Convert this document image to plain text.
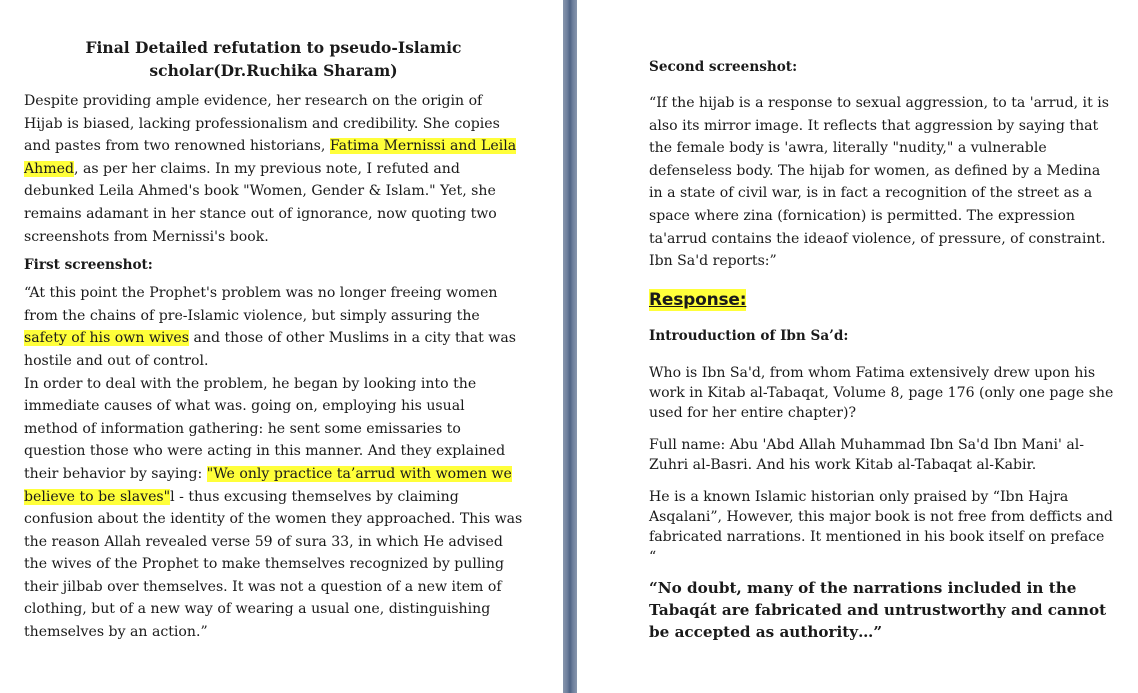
Final Detailed refutation to pseudo-Islamic
scholar(Dr.Ruchika Sharam)

Despite providing ample evidence, her research on the origin of Hijab is biased, lacking professionalism and credibility. She copies and pastes from two renowned historians, Fatima Mernissi and Leila Ahmed, as per her claims. In my previous note, I refuted and debunked Leila Ahmed's book "Women, Gender & Islam." Yet, she remains adamant in her stance out of ignorance, now quoting two screenshots from Mernissi's book.

First screenshot:

“At this point the Prophet's problem was no longer freeing women from the chains of pre-Islamic violence, but simply assuring the safety of his own wives and those of other Muslims in a city that was hostile and out of control.
In order to deal with the problem, he began by looking into the immediate causes of what was. going on, employing his usual method of information gathering: he sent some emissaries to question those who were acting in this manner. And they explained their behavior by saying: "We only practice ta’arrud with women we believe to be slaves"l - thus excusing themselves by claiming confusion about the identity of the women they approached. This was the reason Allah revealed verse 59 of sura 33, in which He advised the wives of the Prophet to make themselves recognized by pulling their jilbab over themselves. It was not a question of a new item of clothing, but of a new way of wearing a usual one, distinguishing themselves by an action.”

Second screenshot:

“If the hijab is a response to sexual aggression, to ta 'arrud, it is also its mirror image. It reflects that aggression by saying that the female body is 'awra, literally "nudity," a vulnerable defenseless body. The hijab for women, as defined by a Medina in a state of civil war, is in fact a recognition of the street as a space where zina (fornication) is permitted. The expression ta'arrud contains the ideaof violence, of pressure, of constraint. Ibn Sa'd reports:”

Response:
Introuduction of Ibn Sa’d:

Who is Ibn Sa'd, from whom Fatima extensively drew upon his work in Kitab al-Tabaqat, Volume 8, page 176 (only one page she used for her entire chapter)?

Full name: Abu 'Abd Allah Muhammad Ibn Sa'd Ibn Mani' al-Zuhri al-Basri. And his work Kitab al-Tabaqat al-Kabir.

He is a known Islamic historian only praised by “Ibn Hajra Asqalani”, However, this major book is not free from defficts and fabricated narrations. It mentioned in his book itself on preface “

“No doubt, many of the narrations included in the Tabaqát are fabricated and untrustworthy and cannot be accepted as authority…”
